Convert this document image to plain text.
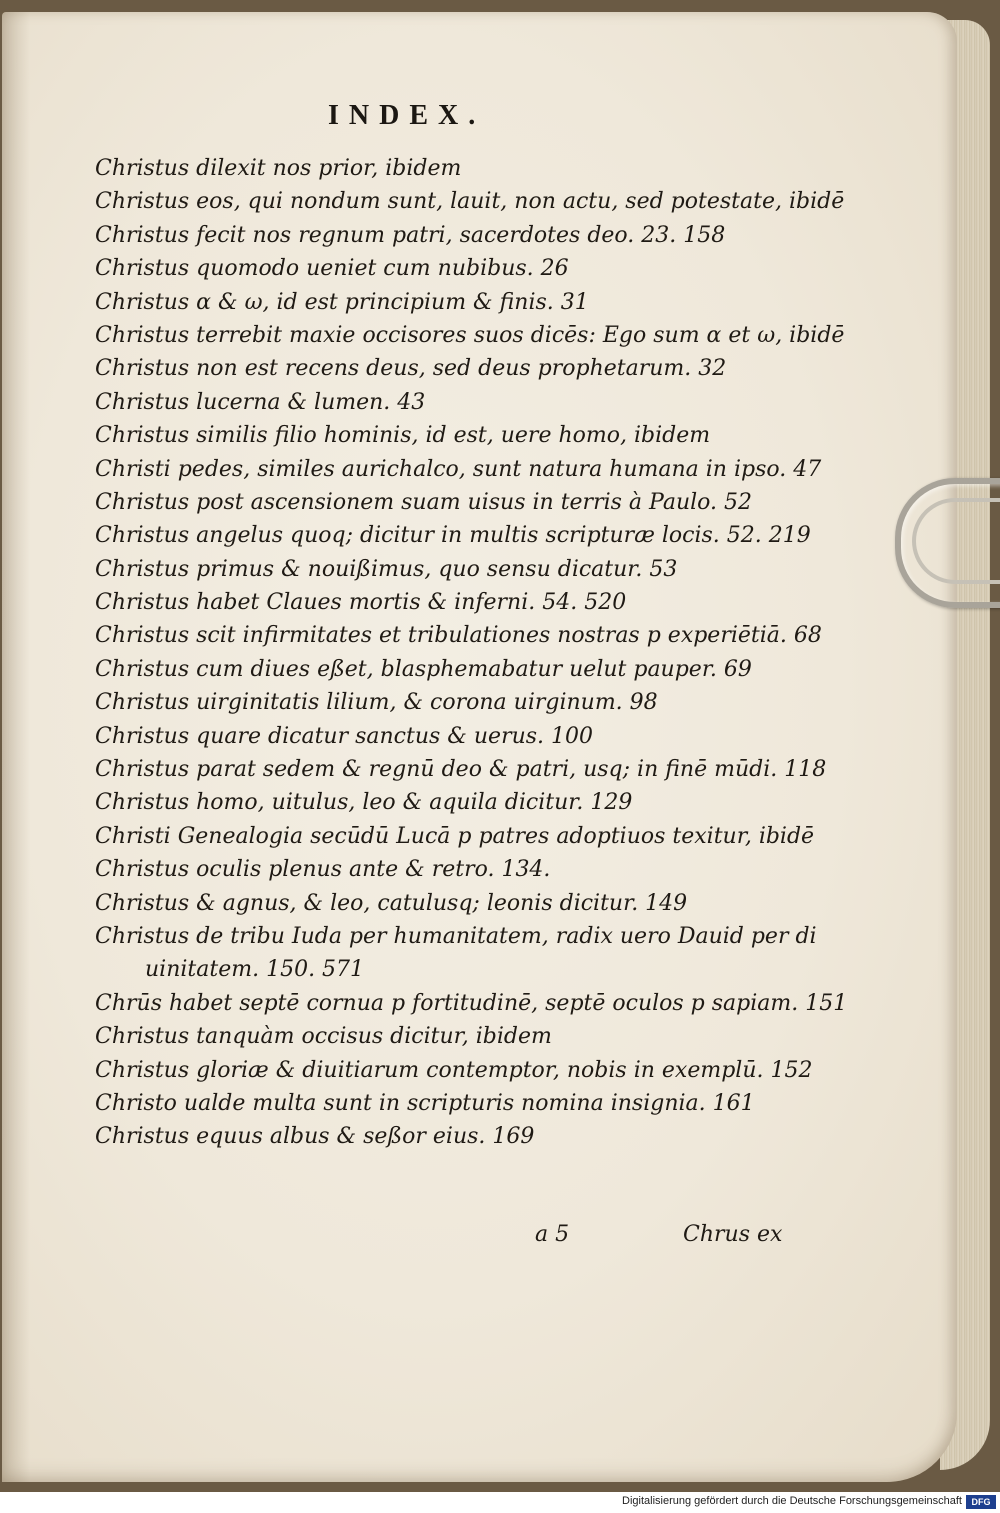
INDEX.
Christus dilexit nos prior, ibidem
Christus eos, qui nondum sunt, lauit, non actu, sed potestate, ibidē
Christus fecit nos regnum patri, sacerdotes deo. 23. 158
Christus quomodo ueniet cum nubibus. 26
Christus α & ω, id est principium & finis. 31
Christus terrebit maxie occisores suos dicēs: Ego sum α et ω, ibidē
Christus non est recens deus, sed deus prophetarum. 32
Christus lucerna & lumen. 43
Christus similis filio hominis, id est, uere homo, ibidem
Christi pedes, similes aurichalco, sunt natura humana in ipso. 47
Christus post ascensionem suam uisus in terris à Paulo. 52
Christus angelus quoq; dicitur in multis scripturæ locis. 52. 219
Christus primus & nouißimus, quo sensu dicatur. 53
Christus habet Claues mortis & inferni. 54. 520
Christus scit infirmitates et tribulationes nostras p experiētiā. 68
Christus cum diues eßet, blasphemabatur uelut pauper. 69
Christus uirginitatis lilium, & corona uirginum. 98
Christus quare dicatur sanctus & uerus. 100
Christus parat sedem & regnū deo & patri, usq; in finē mūdi. 118
Christus homo, uitulus, leo & aquila dicitur. 129
Christi Genealogia secūdū Lucā p patres adoptiuos texitur, ibidē
Christus oculis plenus ante & retro. 134.
Christus & agnus, & leo, catulusq; leonis dicitur. 149
Christus de tribu Iuda per humanitatem, radix uero Dauid per di
uinitatem. 150. 571
Chrūs habet septē cornua p fortitudinē, septē oculos p sapiam. 151
Christus tanquàm occisus dicitur, ibidem
Christus gloriæ & diuitiarum contemptor, nobis in exemplū. 152
Christo ualde multa sunt in scripturis nomina insignia. 161
Christus equus albus & seßor eius. 169
a 5	Chrus ex
Digitalisierung gefördert durch die Deutsche Forschungsgemeinschaft	DFG
